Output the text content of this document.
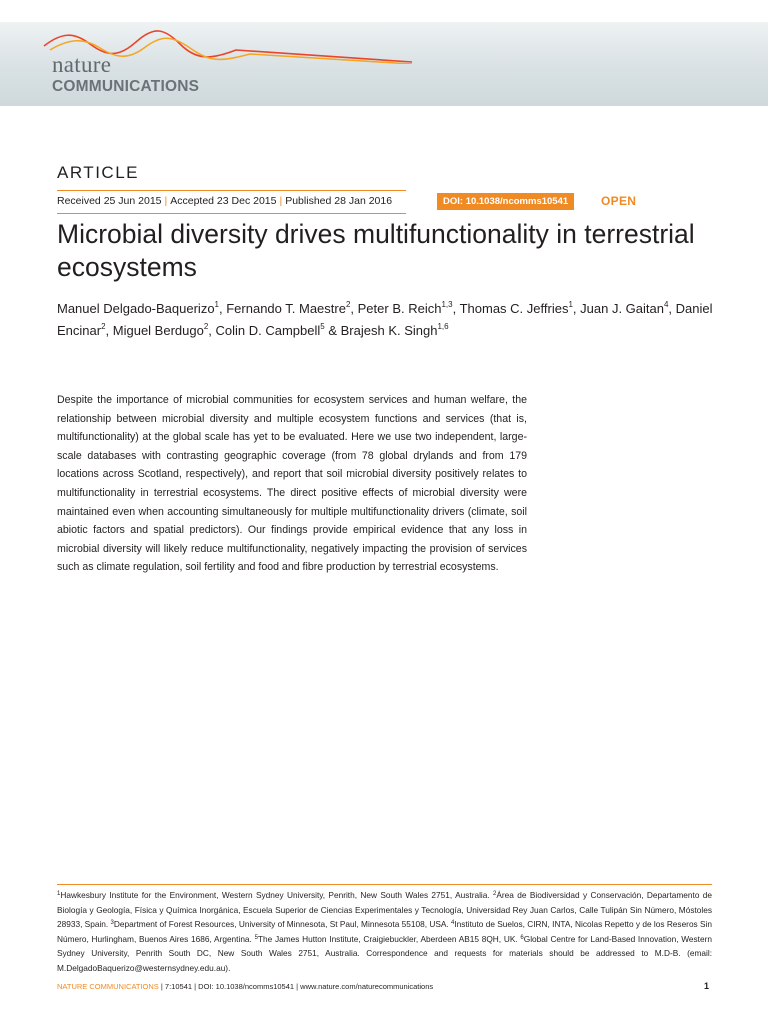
nature
COMMUNICATIONS
ARTICLE
Received 25 Jun 2015 | Accepted 23 Dec 2015 | Published 28 Jan 2016	DOI: 10.1038/ncomms10541	OPEN
Microbial diversity drives multifunctionality in terrestrial ecosystems
Manuel Delgado-Baquerizo$^1$, Fernando T. Maestre$^2$, Peter B. Reich$^{1,3}$, Thomas C. Jeffries$^1$, Juan J. Gaitan$^4$, Daniel Encinar$^2$, Miguel Berdugo$^2$, Colin D. Campbell$^5$ & Brajesh K. Singh$^{1,6}$
Despite the importance of microbial communities for ecosystem services and human welfare, the relationship between microbial diversity and multiple ecosystem functions and services (that is, multifunctionality) at the global scale has yet to be evaluated. Here we use two independent, large-scale databases with contrasting geographic coverage (from 78 global drylands and from 179 locations across Scotland, respectively), and report that soil microbial diversity positively relates to multifunctionality in terrestrial ecosystems. The direct positive effects of microbial diversity were maintained even when accounting simultaneously for multiple multifunctionality drivers (climate, soil abiotic factors and spatial predictors). Our findings provide empirical evidence that any loss in microbial diversity will likely reduce multifunctionality, negatively impacting the provision of services such as climate regulation, soil fertility and food and fibre production by terrestrial ecosystems.
$^1$Hawkesbury Institute for the Environment, Western Sydney University, Penrith, New South Wales 2751, Australia. $^2$Área de Biodiversidad y Conservación, Departamento de Biología y Geología, Física y Química Inorgánica, Escuela Superior de Ciencias Experimentales y Tecnología, Universidad Rey Juan Carlos, Calle Tulipán Sin Número, Móstoles 28933, Spain. $^3$Department of Forest Resources, University of Minnesota, St Paul, Minnesota 55108, USA. $^4$Instituto de Suelos, CIRN, INTA, Nicolas Repetto y de los Reseros Sin Número, Hurlingham, Buenos Aires 1686, Argentina. $^5$The James Hutton Institute, Craigiebuckler, Aberdeen AB15 8QH, UK. $^6$Global Centre for Land-Based Innovation, Western Sydney University, Penrith South DC, New South Wales 2751, Australia. Correspondence and requests for materials should be addressed to M.D-B. (email: M.DelgadoBaquerizo@westernsydney.edu.au).
NATURE COMMUNICATIONS | 7:10541 | DOI: 10.1038/ncomms10541 | www.nature.com/naturecommunications	1
